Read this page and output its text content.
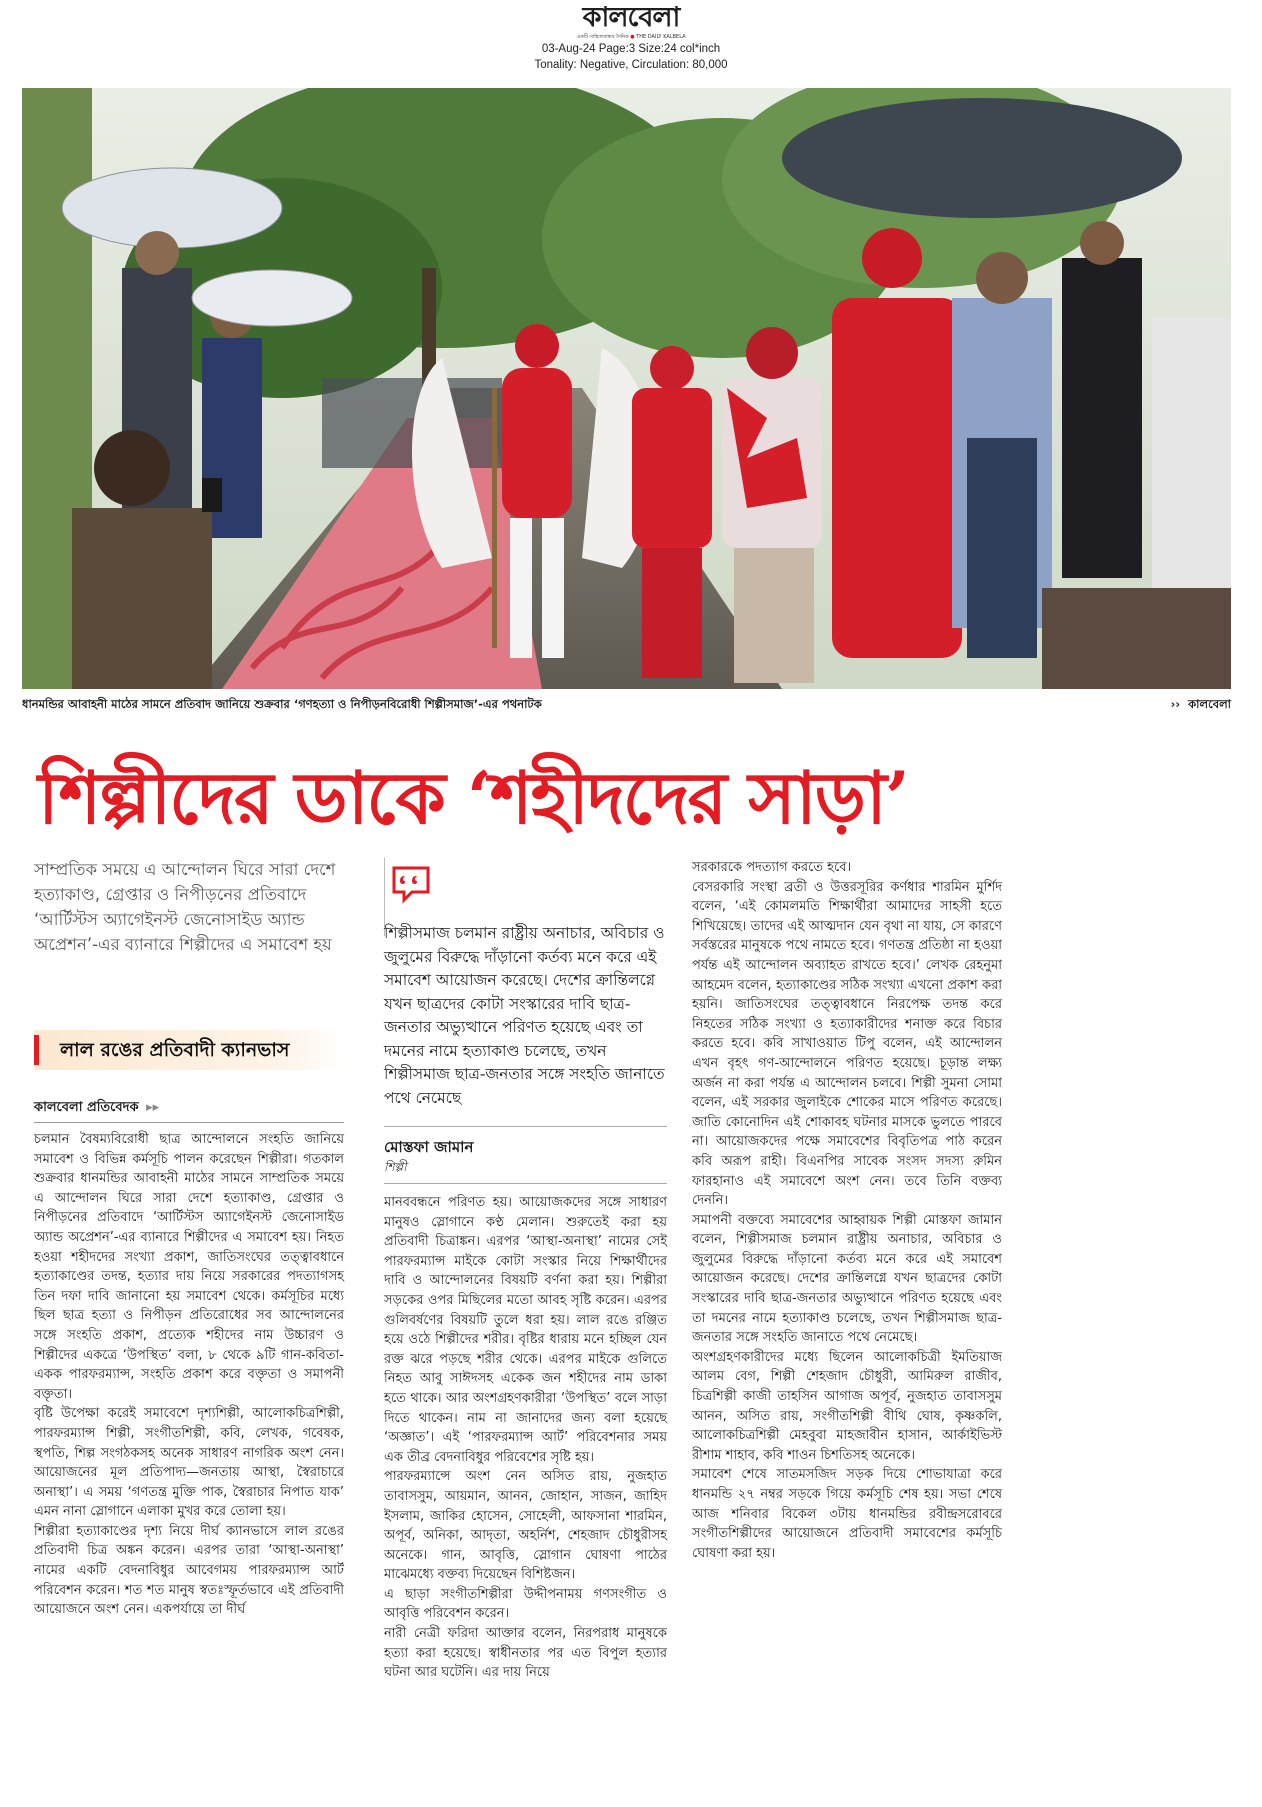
কালবেলা
একটি সাহিত্যবান্ধব দৈনিক ● THE DAILY KALBELA
03-Aug-24 Page:3 Size:24 col*inch
Tonality: Negative, Circulation: 80,000
ধানমন্ডির আবাহনী মাঠের সামনে প্রতিবাদ জানিয়ে শুক্রবার ‘গণহত্যা ও নিপীড়নবিরোধী শিল্পীসমাজ’-এর পথনাটক	›› কালবেলা
শিল্পীদের ডাকে ‘শহীদদের সাড়া’
সাম্প্রতিক সময়ে এ আন্দোলন ঘিরে সারা দেশে হত্যাকাণ্ড, গ্রেপ্তার ও নিপীড়নের প্রতিবাদে ‘আর্টিস্টস অ্যাগেইনস্ট জেনোসাইড অ্যান্ড অপ্রেশন’-এর ব্যানারে শিল্পীদের এ সমাবেশ হয়
লাল রঙের প্রতিবাদী ক্যানভাস
কালবেলা প্রতিবেদক ▸▸

চলমান বৈষম্যবিরোধী ছাত্র আন্দোলনে সংহতি জানিয়ে সমাবেশ ও বিভিন্ন কর্মসূচি পালন করেছেন শিল্পীরা। গতকাল শুক্রবার ধানমন্ডির আবাহনী মাঠের সামনে সাম্প্রতিক সময়ে এ আন্দোলন ঘিরে সারা দেশে হত্যাকাণ্ড, গ্রেপ্তার ও নিপীড়নের প্রতিবাদে ‘আর্টিস্টস অ্যাগেইনস্ট জেনোসাইড অ্যান্ড অপ্রেশন’-এর ব্যানারে শিল্পীদের এ সমাবেশ হয়। নিহত হওয়া শহীদদের সংখ্যা প্রকাশ, জাতিসংঘের তত্ত্বাবধানে হত্যাকাণ্ডের তদন্ত, হত্যার দায় নিয়ে সরকারের পদত্যাগসহ তিন দফা দাবি জানানো হয় সমাবেশ থেকে। কর্মসূচির মধ্যে ছিল ছাত্র হত্যা ও নিপীড়ন প্রতিরোধের সব আন্দোলনের সঙ্গে সংহতি প্রকাশ, প্রত্যেক শহীদের নাম উচ্চারণ ও শিল্পীদের একত্রে ‘উপস্থিত’ বলা, ৮ থেকে ৯টি গান-কবিতা-একক পারফরম্যান্স, সংহতি প্রকাশ করে বক্তৃতা ও সমাপনী বক্তৃতা।

বৃষ্টি উপেক্ষা করেই সমাবেশে দৃশ্যশিল্পী, আলোকচিত্রশিল্পী, পারফরম্যান্স শিল্পী, সংগীতশিল্পী, কবি, লেখক, গবেষক, স্থপতি, শিল্প সংগঠকসহ অনেক সাধারণ নাগরিক অংশ নেন। আয়োজনের মূল প্রতিপাদ্য—জনতায় আস্থা, স্বৈরাচারে অনাস্থা’। এ সময় ‘গণতন্ত্র মুক্তি পাক, স্বৈরাচার নিপাত যাক’ এমন নানা স্লোগানে এলাকা মুখর করে তোলা হয়।

শিল্পীরা হত্যাকাণ্ডের দৃশ্য নিয়ে দীর্ঘ ক্যানভাসে লাল রঙের প্রতিবাদী চিত্র অঙ্কন করেন। এরপর তারা ‘আস্থা-অনাস্থা’ নামের একটি বেদনাবিধুর আবেগময় পারফরম্যান্স আর্ট পরিবেশন করেন। শত শত মানুষ স্বতঃস্ফূর্তভাবে এই প্রতিবাদী আয়োজনে অংশ নেন। একপর্যায়ে তা দীর্ঘ

শিল্পীসমাজ চলমান রাষ্ট্রীয় অনাচার, অবিচার ও জুলুমের বিরুদ্ধে দাঁড়ানো কর্তব্য মনে করে এই সমাবেশ আয়োজন করেছে। দেশের ক্রান্তিলগ্নে যখন ছাত্রদের কোটা সংস্কারের দাবি ছাত্র-জনতার অভ্যুত্থানে পরিণত হয়েছে এবং তা দমনের নামে হত্যাকাণ্ড চলেছে, তখন শিল্পীসমাজ ছাত্র-জনতার সঙ্গে সংহতি জানাতে পথে নেমেছে
মোস্তফা জামান
শিল্পী

মানববন্ধনে পরিণত হয়। আয়োজকদের সঙ্গে সাধারণ মানুষও স্লোগানে কণ্ঠ মেলান। শুরুতেই করা হয় প্রতিবাদী চিত্রাঙ্কন। এরপর ‘আস্থা-অনাস্থা’ নামের সেই পারফরম্যান্স মাইকে কোটা সংস্কার নিয়ে শিক্ষার্থীদের দাবি ও আন্দোলনের বিষয়টি বর্ণনা করা হয়। শিল্পীরা সড়কের ওপর মিছিলের মতো আবহ সৃষ্টি করেন। এরপর গুলিবর্ষণের বিষয়টি তুলে ধরা হয়। লাল রঙে রঞ্জিত হয়ে ওঠে শিল্পীদের শরীর। বৃষ্টির ধারায় মনে হচ্ছিল যেন রক্ত ঝরে পড়ছে শরীর থেকে। এরপর মাইকে গুলিতে নিহত আবু সাঈদসহ একেক জন শহীদের নাম ডাকা হতে থাকে। আর অংশগ্রহণকারীরা ‘উপস্থিত’ বলে সাড়া দিতে থাকেন। নাম না জানাদের জন্য বলা হয়েছে ‘অজ্ঞাত’। এই ‘পারফরম্যান্স আর্ট’ পরিবেশনার সময় এক তীব্র বেদনাবিধুর পরিবেশের সৃষ্টি হয়।

পারফরম্যান্সে অংশ নেন অসিত রায়, নুজহাত তাবাসসুম, আয়মান, আনন, জোহান, সাজন, জাহিদ ইসলাম, জাকির হোসেন, সোহেলী, আফসানা শারমিন, অপূর্ব, অনিকা, আদৃতা, অহর্নিশ, শেহজাদ চৌধুরীসহ অনেকে। গান, আবৃত্তি, স্লোগান ঘোষণা পাঠের মাঝেমধ্যে বক্তব্য দিয়েছেন বিশিষ্টজন।

এ ছাড়া সংগীতশিল্পীরা উদ্দীপনাময় গণসংগীত ও আবৃত্তি পরিবেশন করেন।

নারী নেত্রী ফরিদা আক্তার বলেন, নিরপরাধ মানুষকে হত্যা করা হয়েছে। স্বাধীনতার পর এত বিপুল হত্যার ঘটনা আর ঘটেনি। এর দায় নিয়ে

সরকারকে পদত্যাগ করতে হবে।

বেসরকারি সংস্থা ব্রতী ও উত্তরসূরির কর্ণধার শারমিন মুর্শিদ বলেন, ‘এই কোমলমতি শিক্ষার্থীরা আমাদের সাহসী হতে শিখিয়েছে। তাদের এই আত্মদান যেন বৃথা না যায়, সে কারণে সর্বস্তরের মানুষকে পথে নামতে হবে। গণতন্ত্র প্রতিষ্ঠা না হওয়া পর্যন্ত এই আন্দোলন অব্যাহত রাখতে হবে।’ লেখক রেহনুমা আহমেদ বলেন, হত্যাকাণ্ডের সঠিক সংখ্যা এখনো প্রকাশ করা হয়নি। জাতিসংঘের তত্ত্বাবধানে নিরপেক্ষ তদন্ত করে নিহতের সঠিক সংখ্যা ও হত্যাকারীদের শনাক্ত করে বিচার করতে হবে। কবি সাখাওয়াত টিপু বলেন, এই আন্দোলন এখন বৃহৎ গণ-আন্দোলনে পরিণত হয়েছে। চূড়ান্ত লক্ষ্য অর্জন না করা পর্যন্ত এ আন্দোলন চলবে। শিল্পী সুমনা সোমা বলেন, এই সরকার জুলাইকে শোকের মাসে পরিণত করেছে। জাতি কোনোদিন এই শোকাবহ ঘটনার মাসকে ভুলতে পারবে না। আয়োজকদের পক্ষে সমাবেশের বিবৃতিপত্র পাঠ করেন কবি অরূপ রাহী। বিএনপির সাবেক সংসদ সদস্য রুমিন ফারহানাও এই সমাবেশে অংশ নেন। তবে তিনি বক্তব্য দেননি।

সমাপনী বক্তব্যে সমাবেশের আহ্বায়ক শিল্পী মোস্তফা জামান বলেন, শিল্পীসমাজ চলমান রাষ্ট্রীয় অনাচার, অবিচার ও জুলুমের বিরুদ্ধে দাঁড়ানো কর্তব্য মনে করে এই সমাবেশ আয়োজন করেছে। দেশের ক্রান্তিলগ্নে যখন ছাত্রদের কোটা সংস্কারের দাবি ছাত্র-জনতার অভ্যুত্থানে পরিণত হয়েছে এবং তা দমনের নামে হত্যাকাণ্ড চলেছে, তখন শিল্পীসমাজ ছাত্র-জনতার সঙ্গে সংহতি জানাতে পথে নেমেছে।

অংশগ্রহণকারীদের মধ্যে ছিলেন আলোকচিত্রী ইমতিয়াজ আলম বেগ, শিল্পী শেহজাদ চৌধুরী, আমিরুল রাজীব, চিত্রশিল্পী কাজী তাহসিন আগাজ অপূর্ব, নুজহাত তাবাসসুম আনন, অসিত রায়, সংগীতশিল্পী বীথি ঘোষ, কৃষ্ণকলি, আলোকচিত্রশিল্পী মেহবুবা মাহজাবীন হাসান, আর্কাইভিস্ট রীশাম শাহাব, কবি শাওন চিশতিসহ অনেকে।

সমাবেশ শেষে সাতমসজিদ সড়ক দিয়ে শোভাযাত্রা করে ধানমন্ডি ২৭ নম্বর সড়কে গিয়ে কর্মসূচি শেষ হয়। সভা শেষে আজ শনিবার বিকেল ৩টায় ধানমন্ডির রবীন্দ্রসরোবরে সংগীতশিল্পীদের আয়োজনে প্রতিবাদী সমাবেশের কর্মসূচি ঘোষণা করা হয়।
